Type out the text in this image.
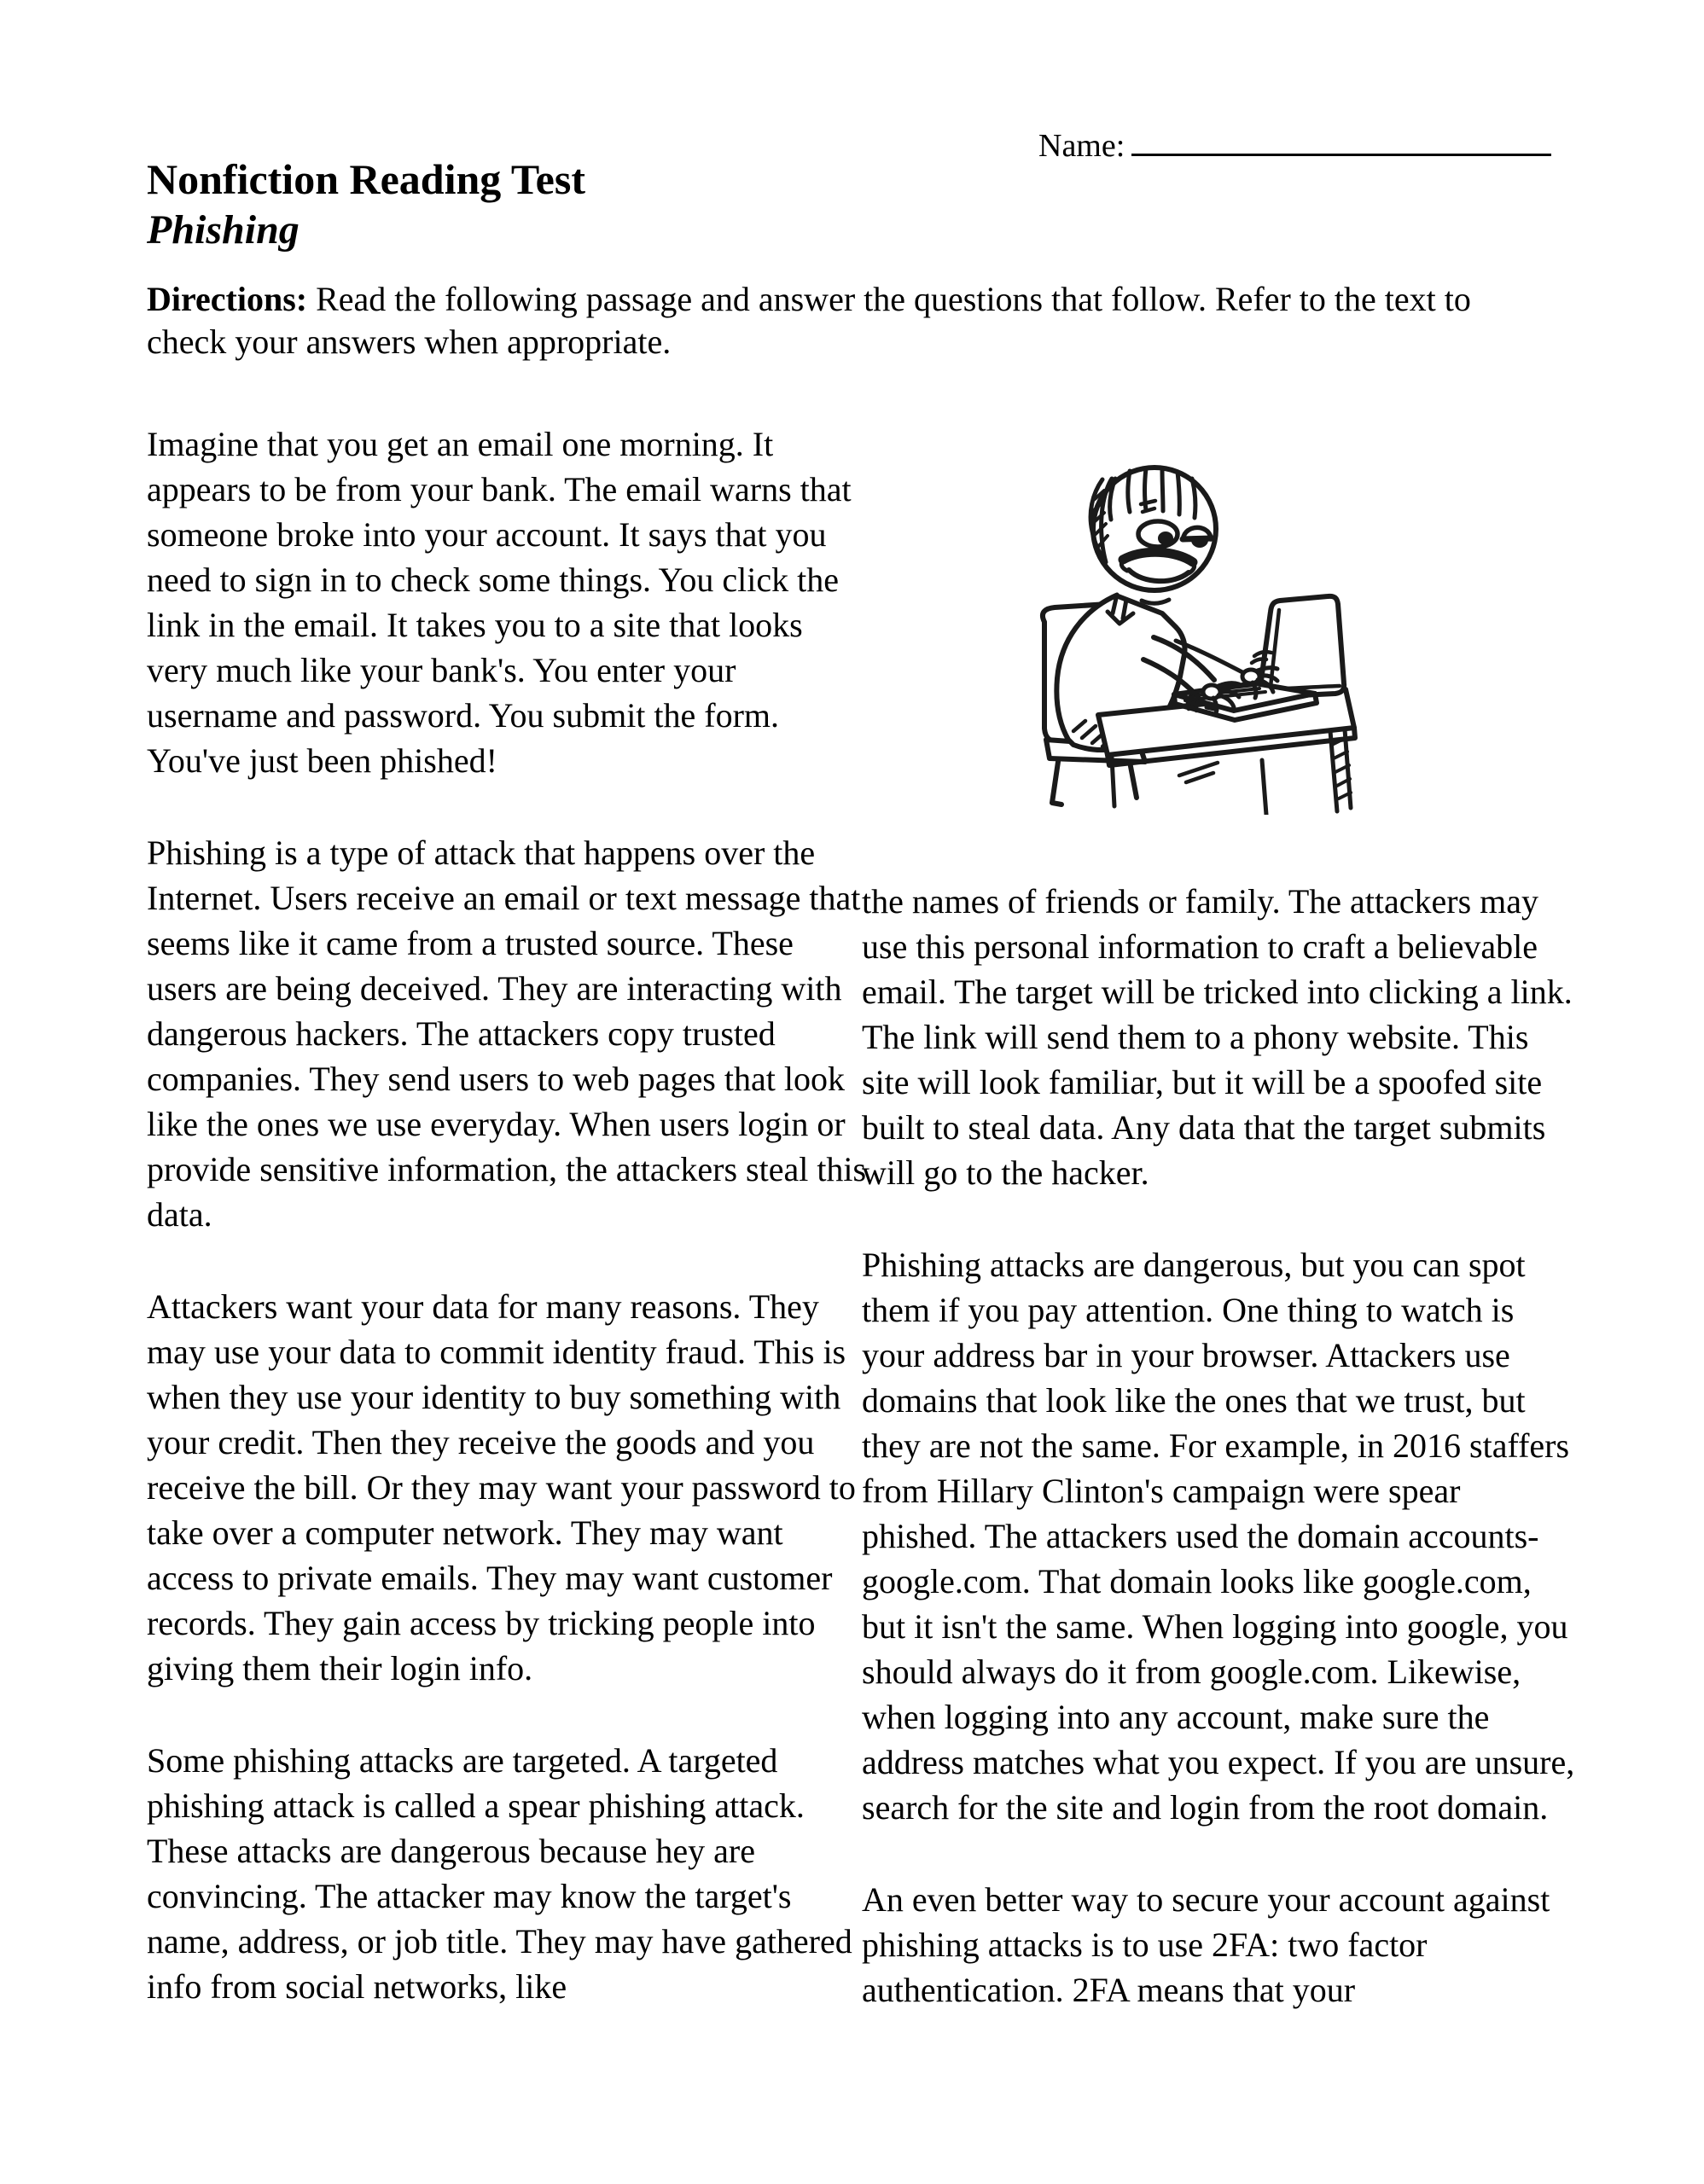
Name:
Nonfiction Reading Test
Phishing

Directions: Read the following passage and answer the questions that follow. Refer to the text to check your answers when appropriate.

Imagine that you get an email one morning. It appears to be from your bank. The email warns that someone broke into your account. It says that you need to sign in to check some things. You click the link in the email. It takes you to a site that looks very much like your bank's. You enter your username and password. You submit the form. You've just been phished!

Phishing is a type of attack that happens over the Internet. Users receive an email or text message that seems like it came from a trusted source. These users are being deceived. They are interacting with dangerous hackers. The attackers copy trusted companies. They send users to web pages that look like the ones we use everyday. When users login or provide sensitive information, the attackers steal this data.

Attackers want your data for many reasons. They may use your data to commit identity fraud. This is when they use your identity to buy something with your credit. Then they receive the goods and you receive the bill. Or they may want your password to take over a computer network. They may want access to private emails. They may want customer records. They gain access by tricking people into giving them their login info.

Some phishing attacks are targeted. A targeted phishing attack is called a spear phishing attack. These attacks are dangerous because hey are convincing. The attacker may know the target's name, address, or job title. They may have gathered info from social networks, like

the names of friends or family. The attackers may use this personal information to craft a believable email. The target will be tricked into clicking a link. The link will send them to a phony website. This site will look familiar, but it will be a spoofed site built to steal data. Any data that the target submits will go to the hacker.

Phishing attacks are dangerous, but you can spot them if you pay attention. One thing to watch is your address bar in your browser. Attackers use domains that look like the ones that we trust, but they are not the same. For example, in 2016 staffers from Hillary Clinton's campaign were spear phished. The attackers used the domain accounts-google.com. That domain looks like google.com, but it isn't the same. When logging into google, you should always do it from google.com. Likewise, when logging into any account, make sure the address matches what you expect. If you are unsure, search for the site and login from the root domain.

An even better way to secure your account against phishing attacks is to use 2FA: two factor authentication. 2FA means that your
